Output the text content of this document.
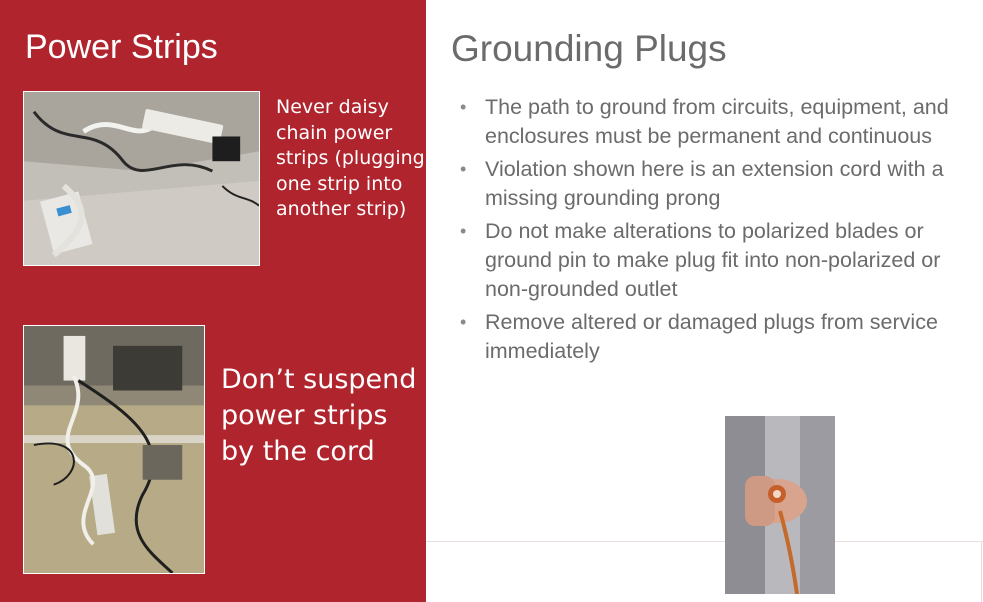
Power Strips
Never daisy chain power strips (plugging one strip into another strip)
Don’t suspend power strips by the cord
Grounding Plugs
• The path to ground from circuits, equipment, and enclosures must be permanent and continuous
• Violation shown here is an extension cord with a missing grounding prong
• Do not make alterations to polarized blades or ground pin to make plug fit into non-polarized or non-grounded outlet
• Remove altered or damaged plugs from service immediately
